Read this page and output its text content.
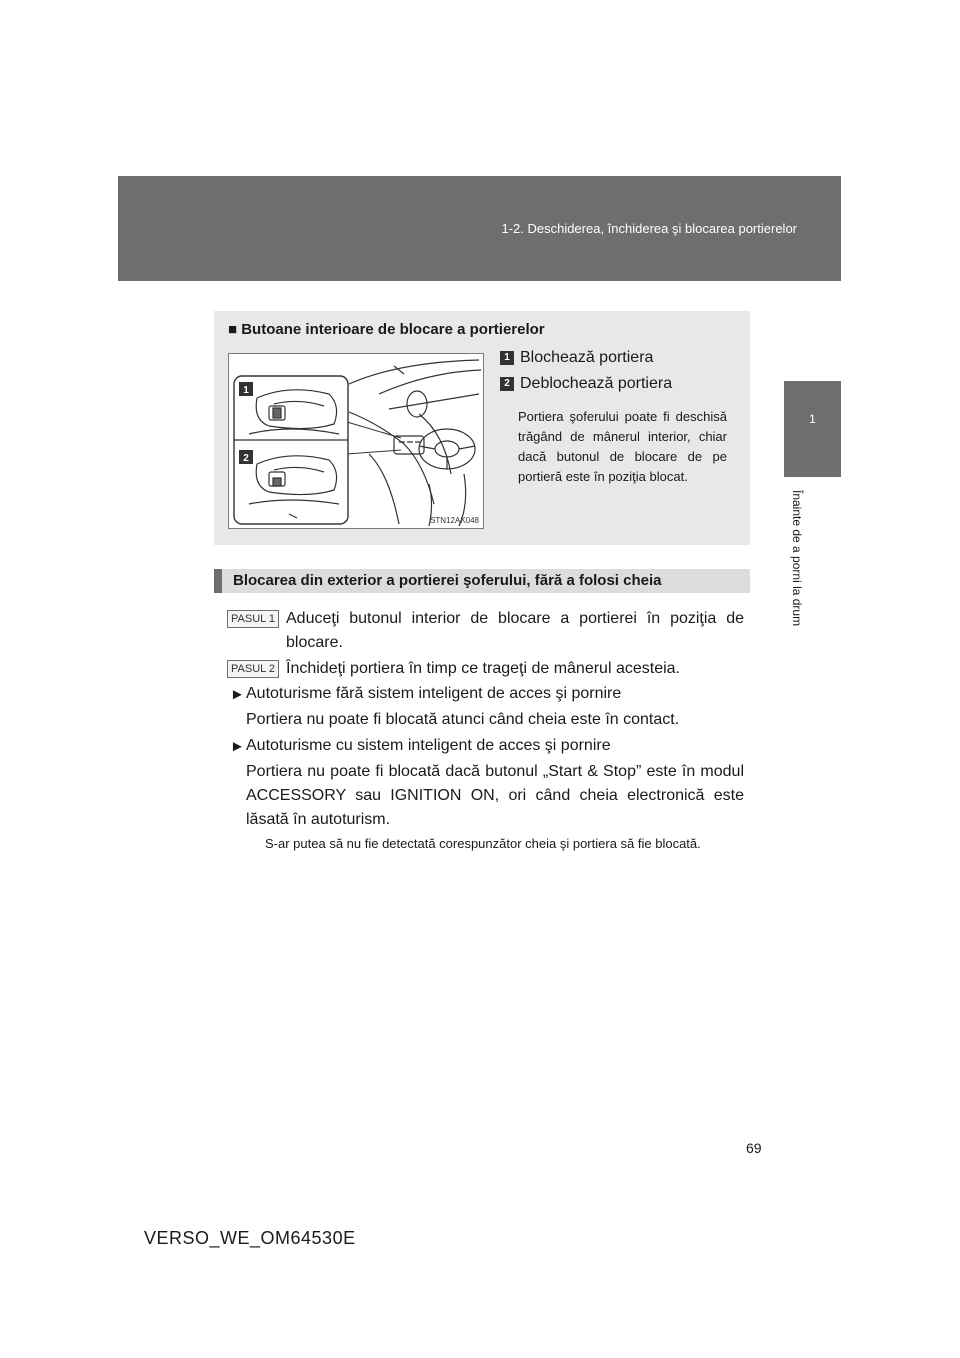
1-2. Deschiderea, închiderea şi blocarea portierelor
1
Înainte de a porni la drum
■ Butoane interioare de blocare a portierelor
1
2
STN12AK048
1 Blochează portiera
2 Deblochează portiera
Portiera şoferului poate fi deschisă trăgând de mânerul interior, chiar dacă butonul de blocare de pe portieră este în poziţia blocat.
Blocarea din exterior a portierei şoferului, fără a folosi cheia
PASUL 1 Aduceţi butonul interior de blocare a portierei în poziţia de blocare.
PASUL 2 Închideţi portiera în timp ce trageţi de mânerul acesteia.
► Autoturisme fără sistem inteligent de acces şi pornire
Portiera nu poate fi blocată atunci când cheia este în contact.
► Autoturisme cu sistem inteligent de acces şi pornire
Portiera nu poate fi blocată dacă butonul „Start & Stop” este în modul ACCESSORY sau IGNITION ON, ori când cheia electronică este lăsată în autoturism.
S-ar putea să nu fie detectată corespunzător cheia şi portiera să fie blocată.
69
VERSO_WE_OM64530E
